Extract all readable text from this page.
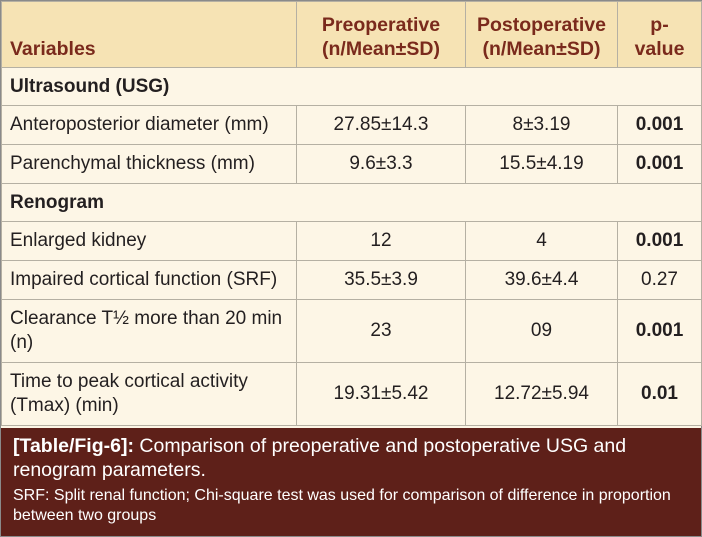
Variables	Preoperative (n/Mean±SD)	Postoperative (n/Mean±SD)	p-value
Ultrasound (USG)			
Anteroposterior diameter (mm)	27.85±14.3	8±3.19	0.001
Parenchymal thickness (mm)	9.6±3.3	15.5±4.19	0.001
Renogram			
Enlarged kidney	12	4	0.001
Impaired cortical function (SRF)	35.5±3.9	39.6±4.4	0.27
Clearance T½ more than 20 min (n)	23	09	0.001
Time to peak cortical activity (Tmax) (min)	19.31±5.42	12.72±5.94	0.01
[Table/Fig-6]: Comparison of preoperative and postoperative USG and renogram parameters.
SRF: Split renal function; Chi-square test was used for comparison of difference in proportion between two groups
